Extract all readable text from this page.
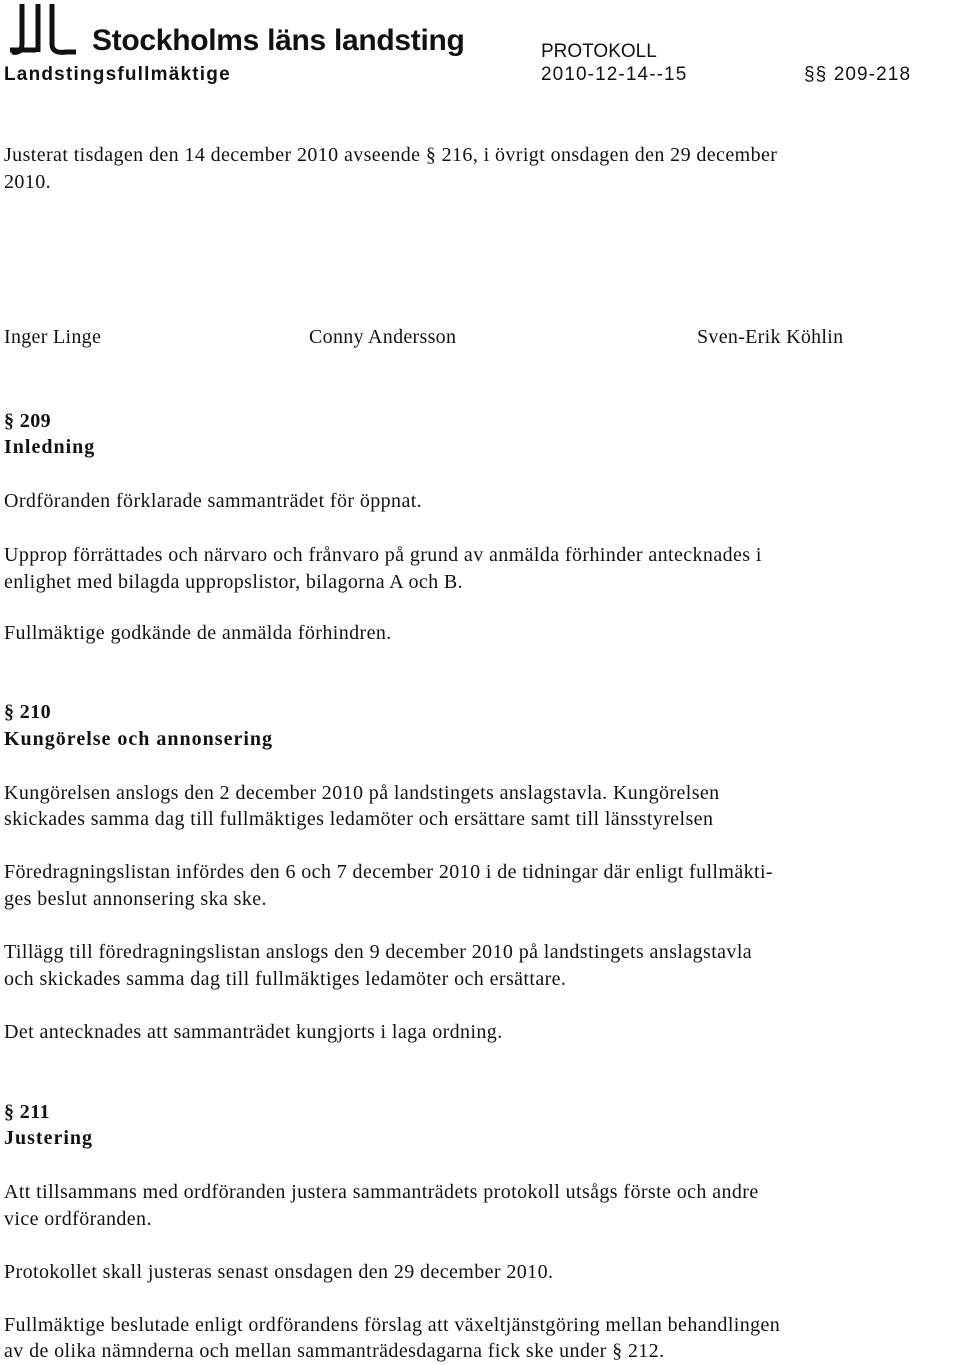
Stockholms läns landsting
Landstingsfullmäktige
PROTOKOLL
2010-12-14--15	§§ 209-218
Justerat tisdagen den 14 december 2010 avseende § 216, i övrigt onsdagen den 29 december
2010.
Inger Linge	Conny Andersson	Sven-Erik Köhlin
§ 209
Inledning
Ordföranden förklarade sammanträdet för öppnat.
Upprop förrättades och närvaro och frånvaro på grund av anmälda förhinder antecknades i
enlighet med bilagda uppropslistor, bilagorna A och B.
Fullmäktige godkände de anmälda förhindren.
§ 210
Kungörelse och annonsering
Kungörelsen anslogs den 2 december 2010 på landstingets anslagstavla. Kungörelsen
skickades samma dag till fullmäktiges ledamöter och ersättare samt till länsstyrelsen
Föredragningslistan infördes den 6 och 7 december 2010 i de tidningar där enligt fullmäkti-
ges beslut annonsering ska ske.
Tillägg till föredragningslistan anslogs den 9 december 2010 på landstingets anslagstavla
och skickades samma dag till fullmäktiges ledamöter och ersättare.
Det antecknades att sammanträdet kungjorts i laga ordning.
§ 211
Justering
Att tillsammans med ordföranden justera sammanträdets protokoll utsågs förste och andre
vice ordföranden.
Protokollet skall justeras senast onsdagen den 29 december 2010.
Fullmäktige beslutade enligt ordförandens förslag att växeltjänstgöring mellan behandlingen
av de olika nämnderna och mellan sammanträdesdagarna fick ske under § 212.
